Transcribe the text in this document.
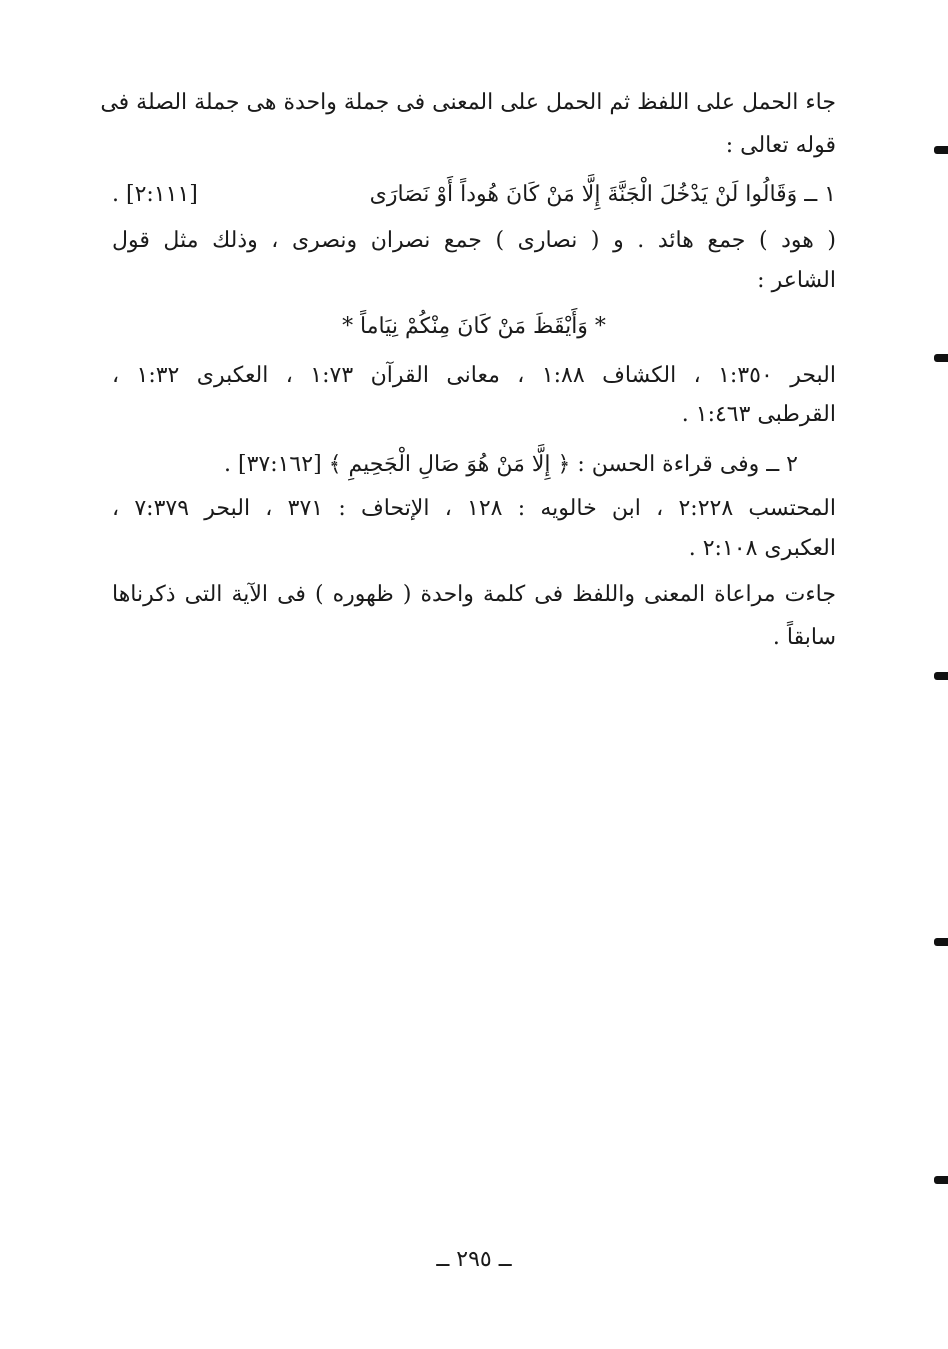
جاء الحمل على اللفظ ثم الحمل على المعنى فى جملة واحدة هى جملة الصلة فى
قوله تعالى :
١ ــ وَقَالُوا لَنْ يَدْخُلَ الْجَنَّةَ إِلَّا مَنْ كَانَ هُوداً أَوْ نَصَارَى
[٢:١١١] .
( هود ) جمع هائد . و ( نصارى ) جمع نصران ونصرى ، وذلك مثل قول
الشاعر :
* وَأَيْقَظَ مَنْ كَانَ مِنْكُمْ نِيَاماً *
البحر ١:٣٥٠ ، الكشاف ١:٨٨ ، معانى القرآن ١:٧٣ ، العكبرى ١:٣٢ ،
القرطبى ١:٤٦٣ .
٢ ــ وفى قراءة الحسن : ﴿ إِلَّا مَنْ هُوَ صَالِ الْجَحِيمِ ﴾ [٣٧:١٦٢] .
المحتسب ٢:٢٢٨ ، ابن خالويه : ١٢٨ ، الإتحاف : ٣٧١ ، البحر ٧:٣٧٩ ،
العكبرى ٢:١٠٨ .
جاءت مراعاة المعنى واللفظ فى كلمة واحدة ( ظهوره ) فى الآية التى ذكرناها
سابقاً .
ــ ٢٩٥ ــ
